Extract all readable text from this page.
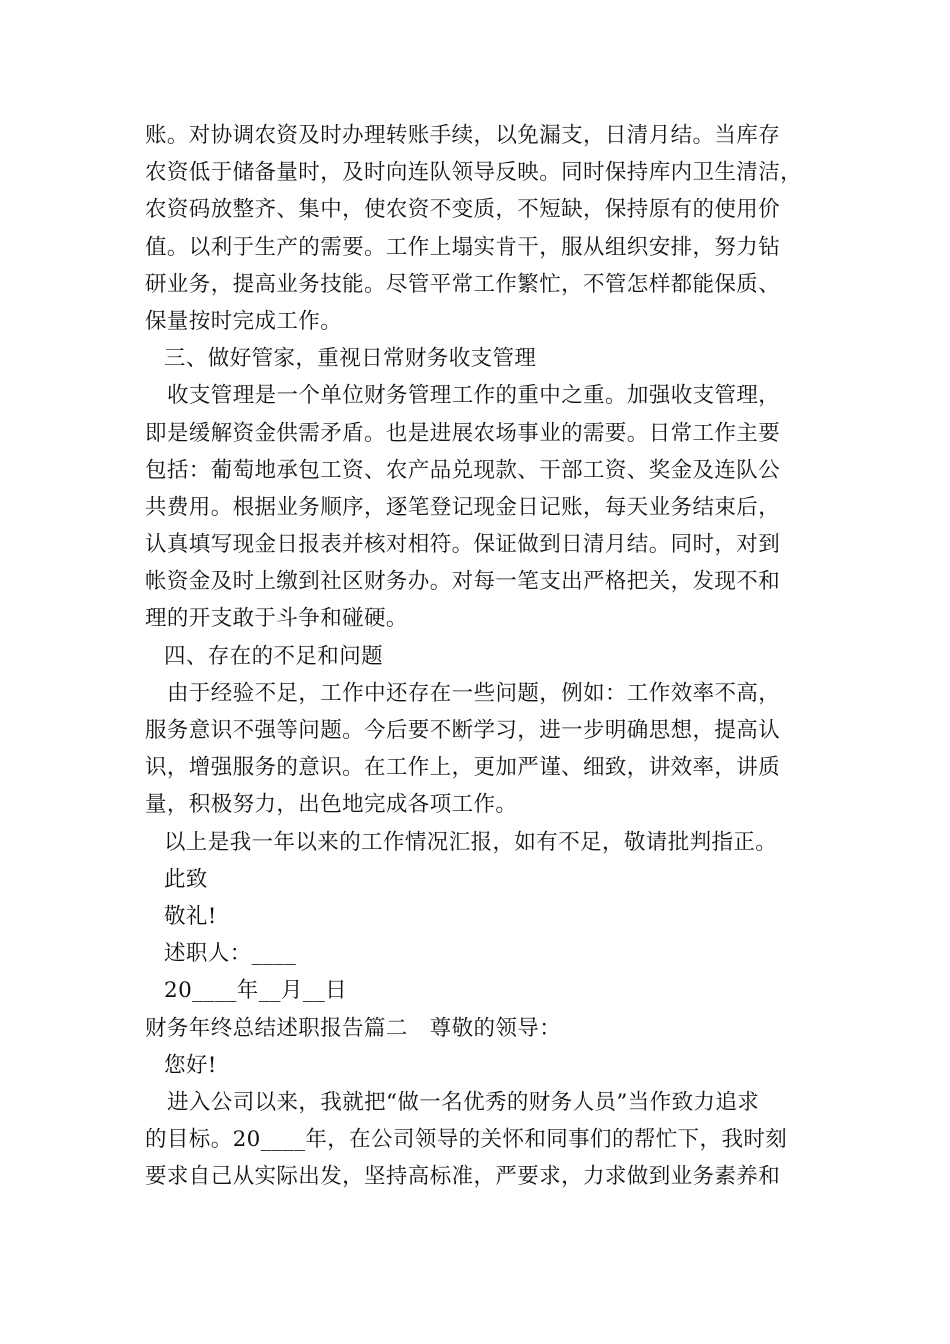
账。对协调农资及时办理转账手续，以免漏支，日清月结。当库存
农资低于储备量时，及时向连队领导反映。同时保持库内卫生清洁，
农资码放整齐、集中，使农资不变质，不短缺，保持原有的使用价
值。以利于生产的需要。工作上塌实肯干，服从组织安排，努力钻
研业务，提高业务技能。尽管平常工作繁忙，不管怎样都能保质、
保量按时完成工作。
三、做好管家，重视日常财务收支管理
收支管理是一个单位财务管理工作的重中之重。加强收支管理，
即是缓解资金供需矛盾。也是进展农场事业的需要。日常工作主要
包括：葡萄地承包工资、农产品兑现款、干部工资、奖金及连队公
共费用。根据业务顺序，逐笔登记现金日记账，每天业务结束后，
认真填写现金日报表并核对相符。保证做到日清月结。同时，对到
帐资金及时上缴到社区财务办。对每一笔支出严格把关，发现不和
理的开支敢于斗争和碰硬。
四、存在的不足和问题
由于经验不足，工作中还存在一些问题，例如：工作效率不高，
服务意识不强等问题。今后要不断学习，进一步明确思想，提高认
识，增强服务的意识。在工作上，更加严谨、细致，讲效率，讲质
量，积极努力，出色地完成各项工作。
以上是我一年以来的工作情况汇报，如有不足，敬请批判指正。
此致
敬礼!
述职人：____
20____年__月__日
财务年终总结述职报告篇二　尊敬的领导：
您好!
进入公司以来，我就把“做一名优秀的财务人员”当作致力追求
的目标。20____年，在公司领导的关怀和同事们的帮忙下，我时刻
要求自己从实际出发，坚持高标准，严要求，力求做到业务素养和
